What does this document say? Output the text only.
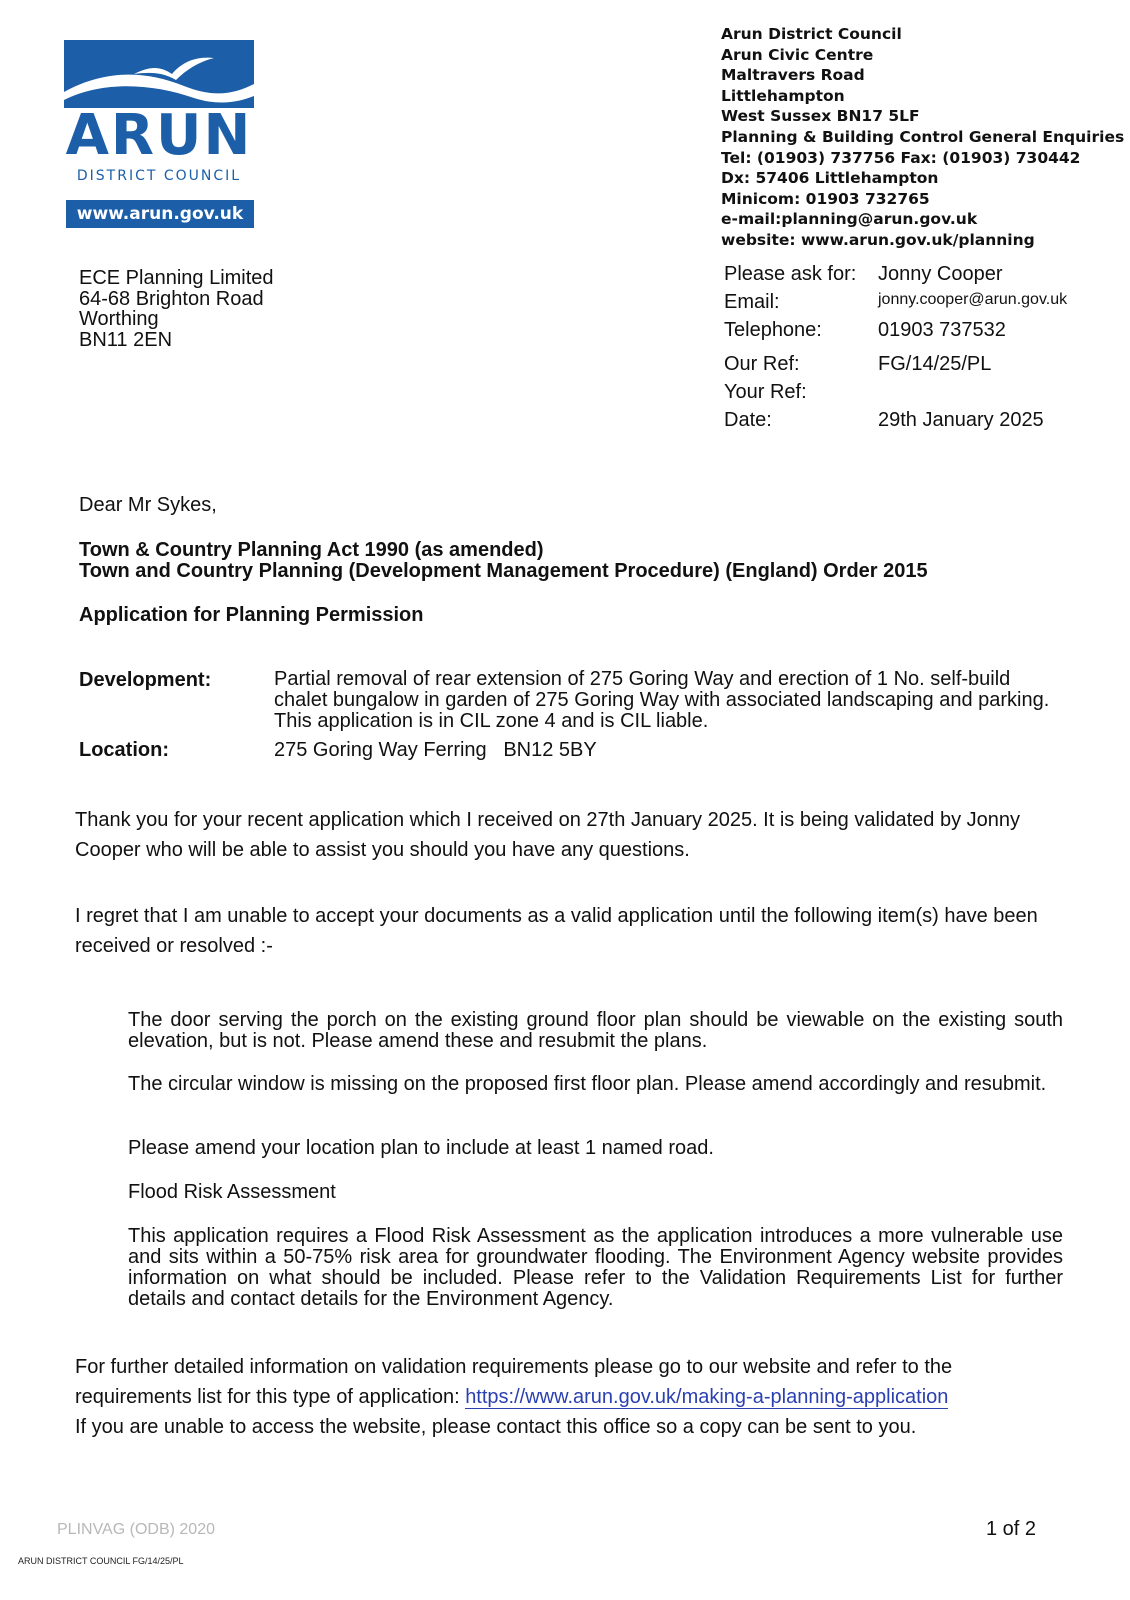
ARUN
DISTRICT COUNCIL
www.arun.gov.uk
Arun District Council
Arun Civic Centre
Maltravers Road
Littlehampton
West Sussex BN17 5LF
Planning & Building Control General Enquiries
Tel: (01903) 737756 Fax: (01903) 730442
Dx: 57406 Littlehampton
Minicom: 01903 732765
e-mail:planning@arun.gov.uk
website: www.arun.gov.uk/planning
ECE Planning Limited
64-68 Brighton Road
Worthing
BN11 2EN
Please ask for: Jonny Cooper
Email:	jonny.cooper@arun.gov.uk
Telephone:	01903 737532
Our Ref:	FG/14/25/PL
Your Ref:
Date:	29th January 2025
Dear Mr Sykes,
Town & Country Planning Act 1990 (as amended)
Town and Country Planning (Development Management Procedure) (England) Order 2015
Application for Planning Permission
Development:	Partial removal of rear extension of 275 Goring Way and erection of 1 No. self-build chalet bungalow in garden of 275 Goring Way with associated landscaping and parking. This application is in CIL zone 4 and is CIL liable.
Location:	275 Goring Way Ferring   BN12 5BY
Thank you for your recent application which I received on 27th January 2025. It is being validated by Jonny Cooper who will be able to assist you should you have any questions.
I regret that I am unable to accept your documents as a valid application until the following item(s) have been received or resolved :-
The door serving the porch on the existing ground floor plan should be viewable on the existing south elevation, but is not. Please amend these and resubmit the plans.
The circular window is missing on the proposed first floor plan. Please amend accordingly and resubmit.
Please amend your location plan to include at least 1 named road.
Flood Risk Assessment
This application requires a Flood Risk Assessment as the application introduces a more vulnerable use and sits within a 50-75% risk area for groundwater flooding. The Environment Agency website provides information on what should be included. Please refer to the Validation Requirements List for further details and contact details for the Environment Agency.
For further detailed information on validation requirements please go to our website and refer to the requirements list for this type of application: https://www.arun.gov.uk/making-a-planning-application
If you are unable to access the website, please contact this office so a copy can be sent to you.
PLINVAG (ODB) 2020	1 of 2
ARUN DISTRICT COUNCIL FG/14/25/PL
